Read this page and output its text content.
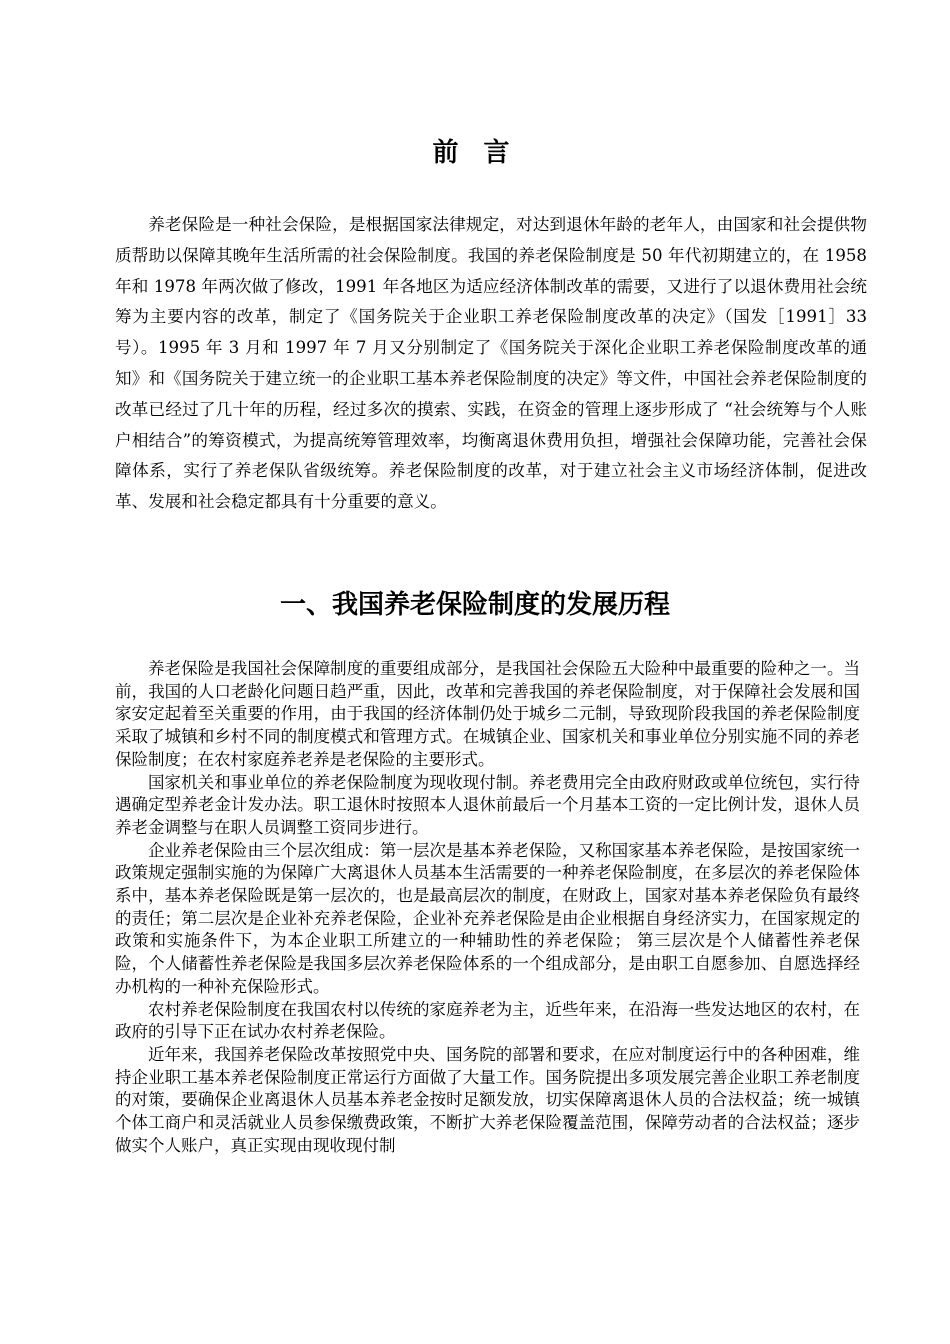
前 言

养老保险是一种社会保险，是根据国家法律规定，对达到退休年龄的老年人，由国家和社会提供物质帮助以保障其晚年生活所需的社会保险制度。我国的养老保险制度是 50 年代初期建立的，在 1958 年和 1978 年两次做了修改，1991 年各地区为适应经济体制改革的需要，又进行了以退休费用社会统筹为主要内容的改革，制定了《国务院关于企业职工养老保险制度改革的决定》（国发［1991］33 号）。1995 年 3 月和 1997 年 7 月又分别制定了《国务院关于深化企业职工养老保险制度改革的通知》和《国务院关于建立统一的企业职工基本养老保险制度的决定》等文件，中国社会养老保险制度的改革已经过了几十年的历程，经过多次的摸索、实践，在资金的管理上逐步形成了 “社会统筹与个人账户相结合”的筹资模式，为提高统筹管理效率，均衡离退休费用负担，增强社会保障功能，完善社会保障体系，实行了养老保队省级统筹。养老保险制度的改革，对于建立社会主义市场经济体制，促进改革、发展和社会稳定都具有十分重要的意义。

一、我国养老保险制度的发展历程

养老保险是我国社会保障制度的重要组成部分，是我国社会保险五大险种中最重要的险种之一。当前，我国的人口老龄化问题日趋严重，因此，改革和完善我国的养老保险制度，对于保障社会发展和国家安定起着至关重要的作用，由于我国的经济体制仍处于城乡二元制，导致现阶段我国的养老保险制度采取了城镇和乡村不同的制度模式和管理方式。在城镇企业、国家机关和事业单位分别实施不同的养老保险制度；在农村家庭养老养是老保险的主要形式。

国家机关和事业单位的养老保险制度为现收现付制。养老费用完全由政府财政或单位统包，实行待遇确定型养老金计发办法。职工退休时按照本人退休前最后一个月基本工资的一定比例计发，退休人员养老金调整与在职人员调整工资同步进行。

企业养老保险由三个层次组成：第一层次是基本养老保险，又称国家基本养老保险，是按国家统一政策规定强制实施的为保障广大离退休人员基本生活需要的一种养老保险制度，在多层次的养老保险体系中，基本养老保险既是第一层次的，也是最高层次的制度，在财政上，国家对基本养老保险负有最终的责任；第二层次是企业补充养老保险，企业补充养老保险是由企业根据自身经济实力，在国家规定的政策和实施条件下，为本企业职工所建立的一种辅助性的养老保险； 第三层次是个人储蓄性养老保险，个人储蓄性养老保险是我国多层次养老保险体系的一个组成部分，是由职工自愿参加、自愿选择经办机构的一种补充保险形式。

农村养老保险制度在我国农村以传统的家庭养老为主，近些年来，在沿海一些发达地区的农村，在政府的引导下正在试办农村养老保险。

近年来，我国养老保险改革按照党中央、国务院的部署和要求，在应对制度运行中的各种困难，维持企业职工基本养老保险制度正常运行方面做了大量工作。国务院提出多项发展完善企业职工养老制度的对策，要确保企业离退休人员基本养老金按时足额发放，切实保障离退休人员的合法权益；统一城镇个体工商户和灵活就业人员参保缴费政策，不断扩大养老保险覆盖范围，保障劳动者的合法权益；逐步做实个人账户，真正实现由现收现付制
